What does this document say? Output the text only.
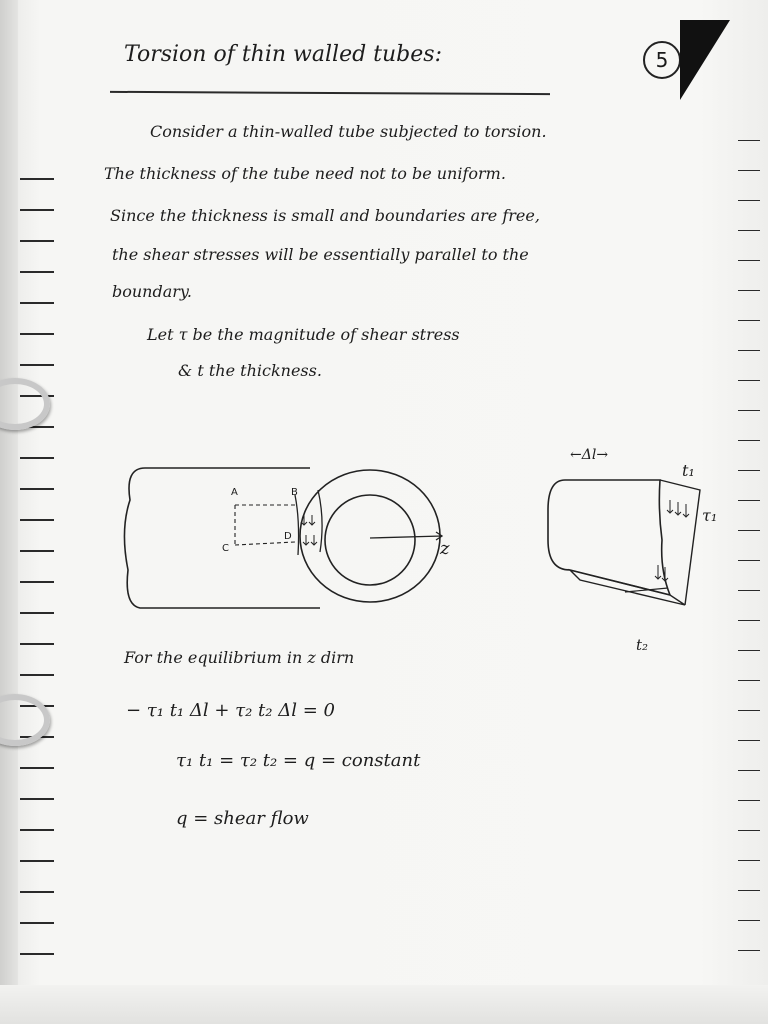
Torsion of thin walled tubes:	5
Consider a thin-walled tube subjected to torsion.
The thickness of the tube need not to be uniform.
Since the thickness is small and boundaries are free,
the shear stresses will be essentially parallel to the
boundary.
Let τ be the magnitude of shear stress
& t the thickness.
A	B
C
D
z
←Δl→
t₁
τ₁
t₂
For the equilibrium in z dirn
− τ₁ t₁ Δl + τ₂ t₂ Δl = 0
τ₁ t₁ = τ₂ t₂ = q = constant
q = shear flow
